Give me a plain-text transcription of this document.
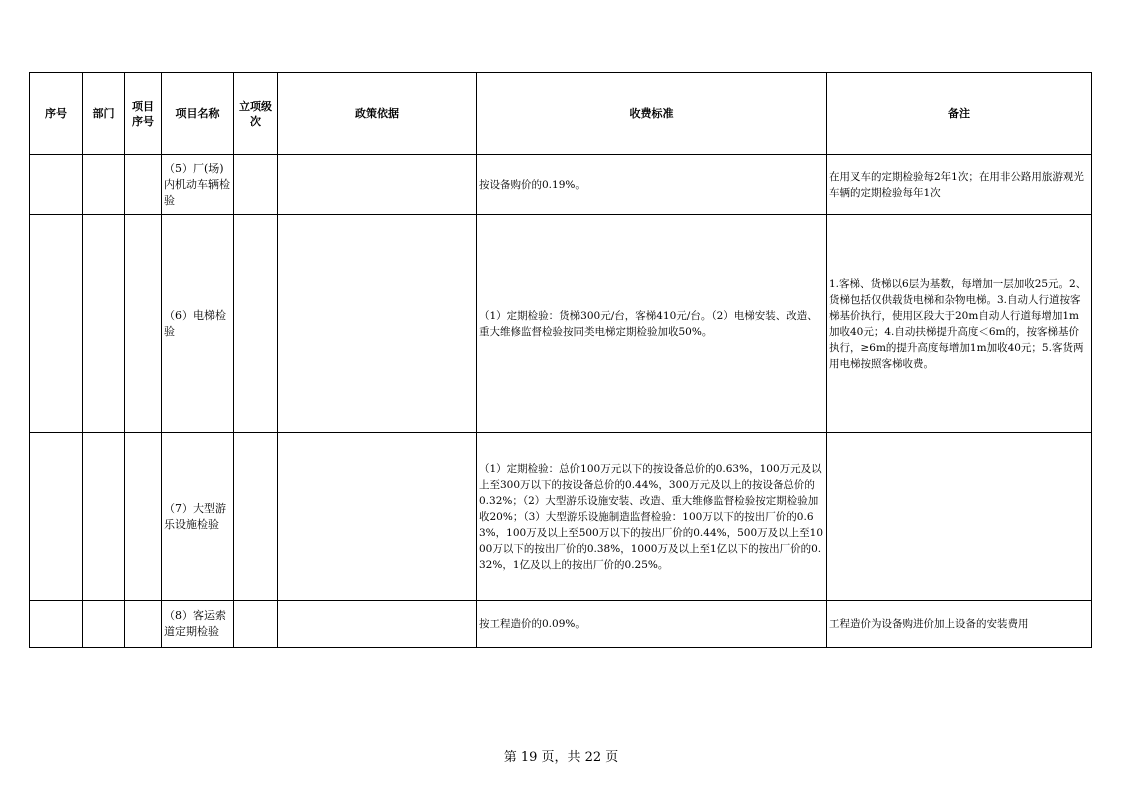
序号	部门	项目序号	项目名称	立项级次	政策依据	收费标准	备注
			（5）厂(场)内机动车辆检验			按设备购价的0.19%。	在用叉车的定期检验每2年1次；在用非公路用旅游观光车辆的定期检验每年1次
			（6）电梯检验			（1）定期检验：货梯300元/台，客梯410元/台。（2）电梯安装、改造、重大维修监督检验按同类电梯定期检验加收50%。	1.客梯、货梯以6层为基数，每增加一层加收25元。2、货梯包括仅供载货电梯和杂物电梯。3.自动人行道按客梯基价执行，使用区段大于20m自动人行道每增加1m加收40元；4.自动扶梯提升高度＜6m的，按客梯基价执行，≥6m的提升高度每增加1m加收40元；5.客货两用电梯按照客梯收费。
			（7）大型游乐设施检验			（1）定期检验：总价100万元以下的按设备总价的0.63%，100万元及以上至300万以下的按设备总价的0.44%，300万元及以上的按设备总价的0.32%；（2）大型游乐设施安装、改造、重大维修监督检验按定期检验加收20%；（3）大型游乐设施制造监督检验：100万以下的按出厂价的0.63%，100万及以上至500万以下的按出厂价的0.44%，500万及以上至1000万以下的按出厂价的0.38%，1000万及以上至1亿以下的按出厂价的0.32%，1亿及以上的按出厂价的0.25%。	
			（8）客运索道定期检验			按工程造价的0.09%。	工程造价为设备购进价加上设备的安装费用
第 19 页，共 22 页
